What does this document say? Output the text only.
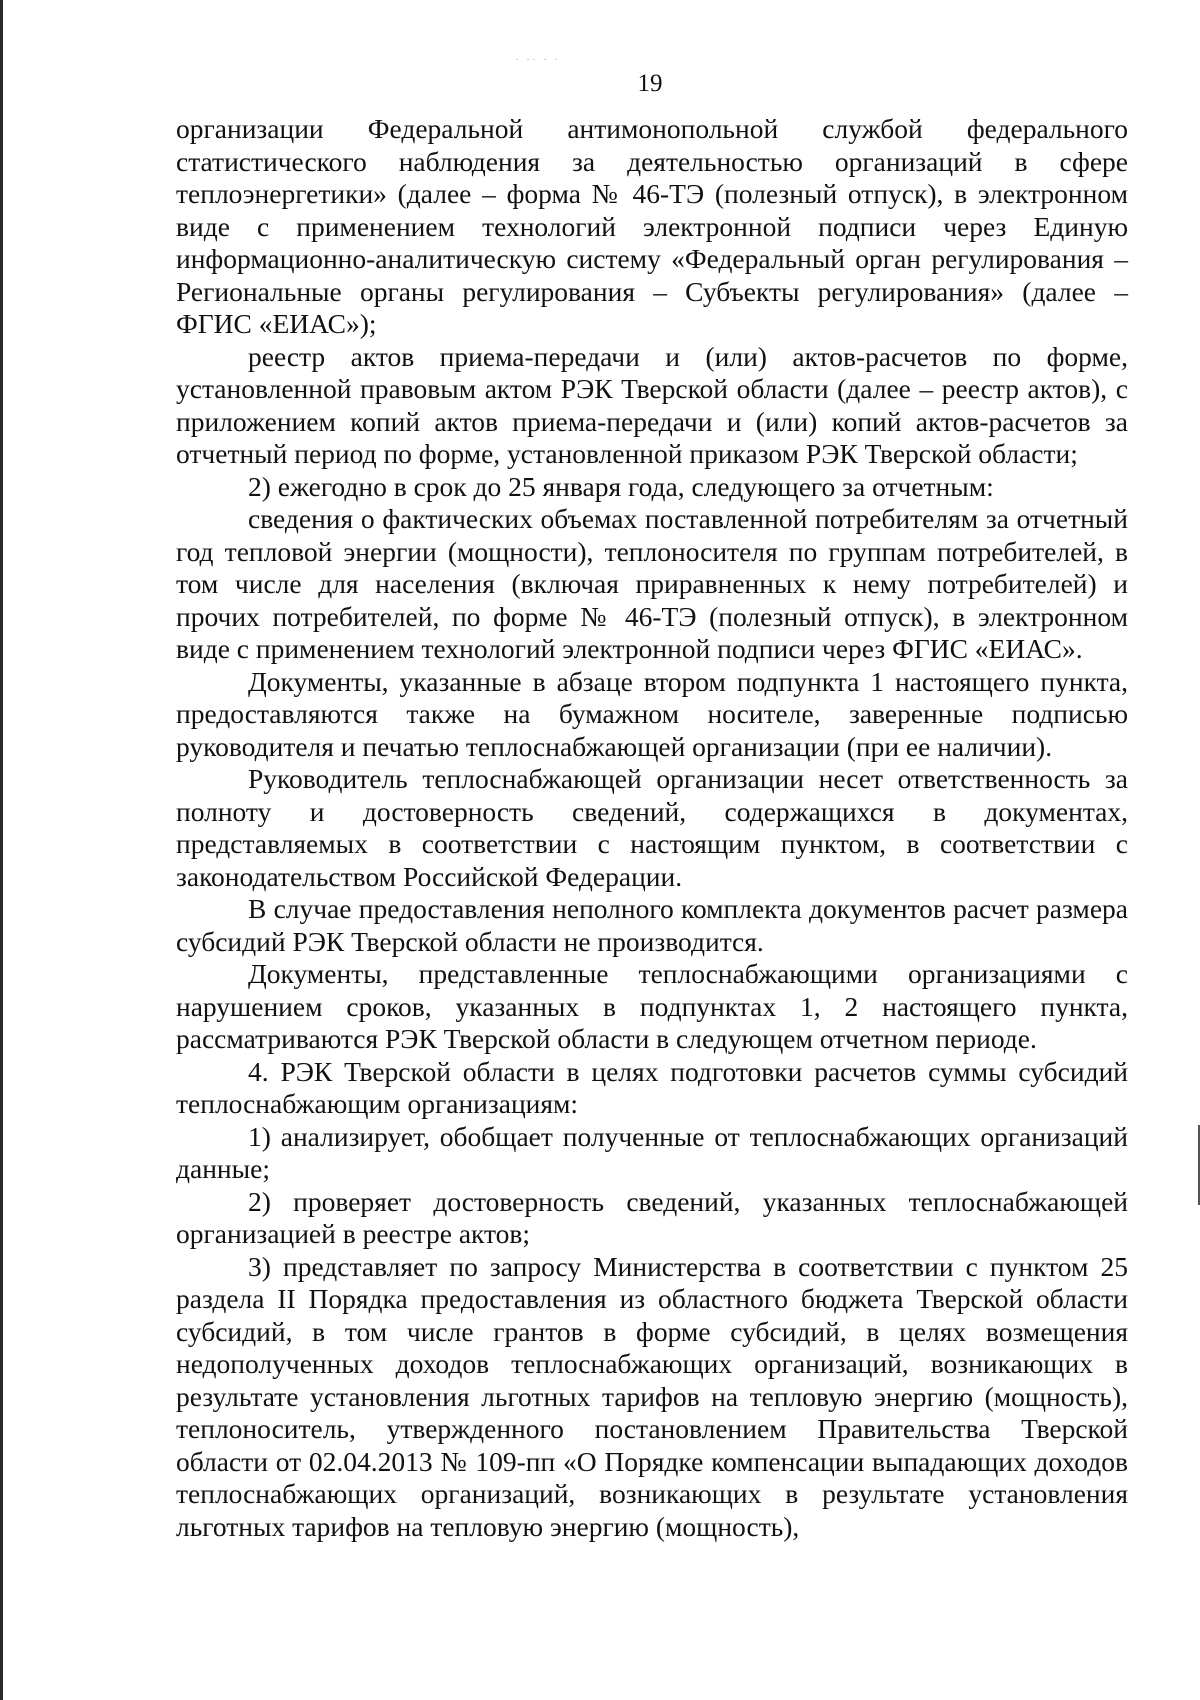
· ·· · ·
19

организации Федеральной антимонопольной службой федерального статистического наблюдения за деятельностью организаций в сфере теплоэнергетики» (далее – форма № 46-ТЭ (полезный отпуск), в электронном виде с применением технологий электронной подписи через Единую информационно-аналитическую систему «Федеральный орган регулирования – Региональные органы регулирования – Субъекты регулирования» (далее – ФГИС «ЕИАС»);

реестр актов приема-передачи и (или) актов-расчетов по форме, установленной правовым актом РЭК Тверской области (далее – реестр актов), с приложением копий актов приема-передачи и (или) копий актов-расчетов за отчетный период по форме, установленной приказом РЭК Тверской области;

2) ежегодно в срок до 25 января года, следующего за отчетным:

сведения о фактических объемах поставленной потребителям за отчетный год тепловой энергии (мощности), теплоносителя по группам потребителей, в том числе для населения (включая приравненных к нему потребителей) и прочих потребителей, по форме № 46-ТЭ (полезный отпуск), в электронном виде с применением технологий электронной подписи через ФГИС «ЕИАС».

Документы, указанные в абзаце втором подпункта 1 настоящего пункта, предоставляются также на бумажном носителе, заверенные подписью руководителя и печатью теплоснабжающей организации (при ее наличии).

Руководитель теплоснабжающей организации несет ответственность за полноту и достоверность сведений, содержащихся в документах, представляемых в соответствии с настоящим пунктом, в соответствии с законодательством Российской Федерации.

В случае предоставления неполного комплекта документов расчет размера субсидий РЭК Тверской области не производится.

Документы, представленные теплоснабжающими организациями с нарушением сроков, указанных в подпунктах 1, 2 настоящего пункта, рассматриваются РЭК Тверской области в следующем отчетном периоде.

4. РЭК Тверской области в целях подготовки расчетов суммы субсидий теплоснабжающим организациям:

1) анализирует, обобщает полученные от теплоснабжающих организаций данные;

2) проверяет достоверность сведений, указанных теплоснабжающей организацией в реестре актов;

3) представляет по запросу Министерства в соответствии с пунктом 25 раздела II Порядка предоставления из областного бюджета Тверской области субсидий, в том числе грантов в форме субсидий, в целях возмещения недополученных доходов теплоснабжающих организаций, возникающих в результате установления льготных тарифов на тепловую энергию (мощность), теплоноситель, утвержденного постановлением Правительства Тверской области от 02.04.2013 № 109-пп «О Порядке компенсации выпадающих доходов теплоснабжающих организаций, возникающих в результате установления льготных тарифов на тепловую энергию (мощность),
